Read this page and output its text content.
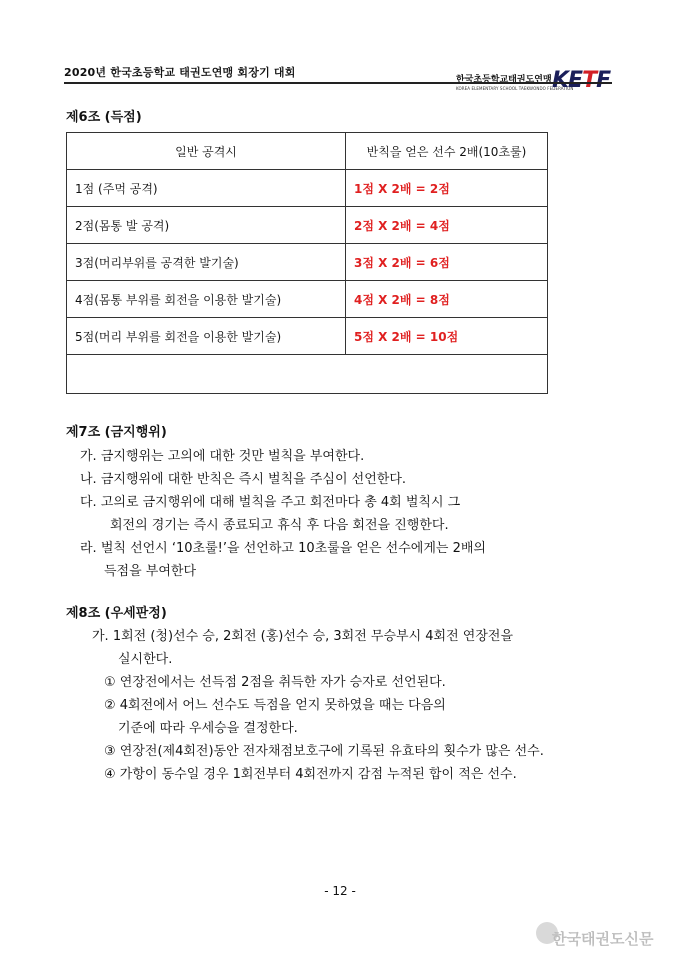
2020년 한국초등학교 태권도연맹 회장기 대회
한국초등학교태권도연맹
KOREA ELEMENTARY SCHOOL TAEKWONDO FEDERATION
KETF
제6조 (득점)
일반 공격시	반칙을 얻은 선수 2배(10초룰)
1점 (주먹 공격)	1점 X 2배 = 2점
2점(몸통 발 공격)	2점 X 2배 = 4점
3점(머리부위를 공격한 발기술)	3점 X 2배 = 6점
4점(몸통 부위를 회전을 이용한 발기술)	4점 X 2배 = 8점
5점(머리 부위를 회전을 이용한 발기술)	5점 X 2배 = 10점

제7조 (금지행위)
가. 금지행위는 고의에 대한 것만 벌칙을 부여한다.
나. 금지행위에 대한 반칙은 즉시 벌칙을 주심이 선언한다.
다. 고의로 금지행위에 대해 벌칙을 주고 회전마다 총 4회 벌칙시 그
회전의 경기는 즉시 종료되고 휴식 후 다음 회전을 진행한다.
라. 벌칙 선언시 ‘10초룰!’을 선언하고 10초룰을 얻은 선수에게는 2배의
득점을 부여한다
제8조 (우세판정)
가. 1회전 (청)선수 승, 2회전 (홍)선수 승, 3회전 무승부시 4회전 연장전을
실시한다.
① 연장전에서는 선득점 2점을 취득한 자가 승자로 선언된다.
② 4회전에서 어느 선수도 득점을 얻지 못하였을 때는 다음의
기준에 따라 우세승을 결정한다.
③ 연장전(제4회전)동안 전자채점보호구에 기록된 유효타의 횟수가 많은 선수.
④ 가항이 동수일 경우 1회전부터 4회전까지 감점 누적된 합이 적은 선수.
- 12 -
한국태권도신문
